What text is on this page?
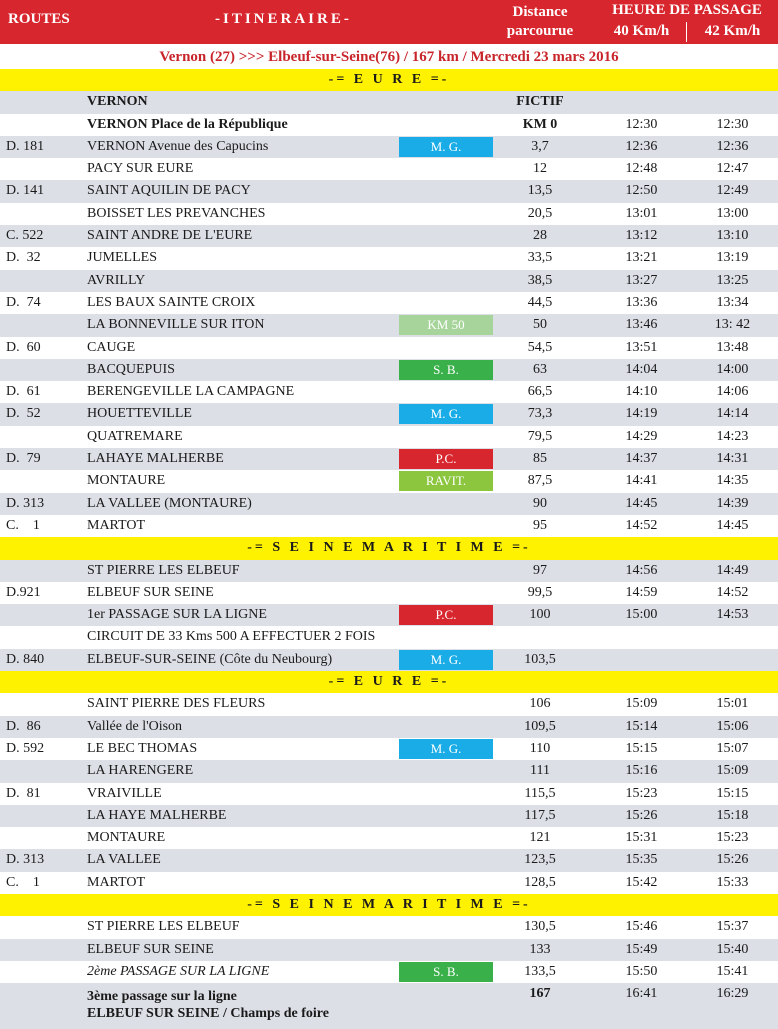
ROUTES	-ITINERAIRE-	Distance
parcourue
HEURE DE PASSAGE
40 Km/h	42 Km/h
Vernon (27) >>> Elbeuf-sur-Seine(76) / 167 km / Mercredi 23 mars 2016
-= E U R E =-
VERNON	FICTIF
VERNON Place de la République	KM 0	12:30	12:30
D. 181	VERNON Avenue des Capucins	M. G.	3,7	12:36	12:36
PACY SUR EURE	12	12:48	12:47
D. 141	SAINT AQUILIN DE PACY	13,5	12:50	12:49
BOISSET LES PREVANCHES	20,5	13:01	13:00
C. 522	SAINT ANDRE DE L'EURE	28	13:12	13:10
D.  32	JUMELLES	33,5	13:21	13:19
AVRILLY	38,5	13:27	13:25
D.  74	LES BAUX SAINTE CROIX	44,5	13:36	13:34
LA BONNEVILLE SUR ITON	KM 50	50	13:46	13: 42
D.  60	CAUGE	54,5	13:51	13:48
BACQUEPUIS	S. B.	63	14:04	14:00
D.  61	BERENGEVILLE LA CAMPAGNE	66,5	14:10	14:06
D.  52	HOUETTEVILLE	M. G.	73,3	14:19	14:14
QUATREMARE	79,5	14:29	14:23
D.  79	LAHAYE MALHERBE	P.C.	85	14:37	14:31
MONTAURE	RAVIT.	87,5	14:41	14:35
D. 313	LA VALLEE (MONTAURE)	90	14:45	14:39
C.    1	MARTOT	95	14:52	14:45
-= S E I N E M A R I T I M E =-
ST PIERRE LES ELBEUF	97	14:56	14:49
D.921	ELBEUF SUR SEINE	99,5	14:59	14:52
1er PASSAGE SUR LA LIGNE	P.C.	100	15:00	14:53
CIRCUIT DE 33 Kms 500 A EFFECTUER 2 FOIS
D. 840	ELBEUF-SUR-SEINE (Côte du Neubourg)	M. G.	103,5
-= E U R E =-
SAINT PIERRE DES FLEURS	106	15:09	15:01
D.  86	Vallée de l'Oison	109,5	15:14	15:06
D. 592	LE BEC THOMAS	M. G.	110	15:15	15:07
LA HARENGERE	111	15:16	15:09
D.  81	VRAIVILLE	115,5	15:23	15:15
LA HAYE MALHERBE	117,5	15:26	15:18
MONTAURE	121	15:31	15:23
D. 313	LA VALLEE	123,5	15:35	15:26
C.    1	MARTOT	128,5	15:42	15:33
-= S E I N E M A R I T I M E =-
ST PIERRE LES ELBEUF	130,5	15:46	15:37
ELBEUF SUR SEINE	133	15:49	15:40
2ème PASSAGE SUR LA LIGNE	S. B.	133,5	15:50	15:41
3ème passage sur la ligne
ELBEUF SUR SEINE / Champs de foire
167	16:41	16:29
